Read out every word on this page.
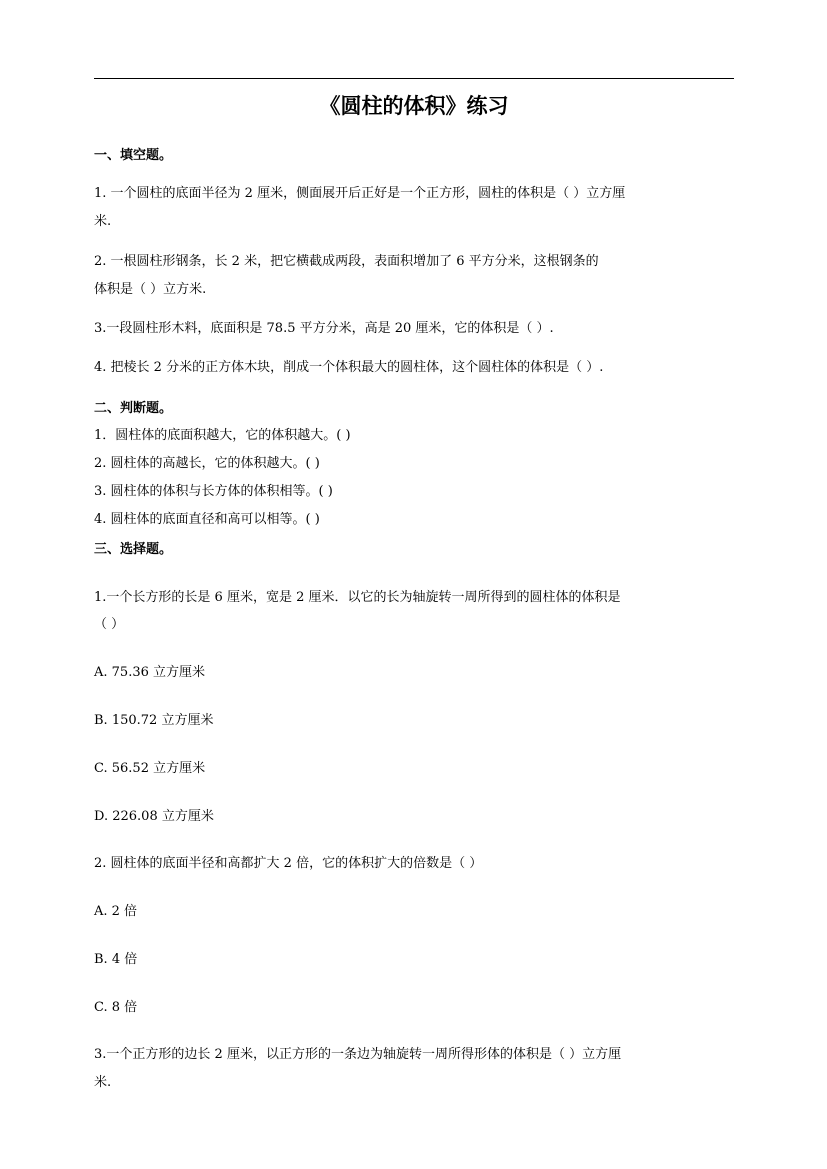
《圆柱的体积》练习
一、填空题。
1. 一个圆柱的底面半径为 2 厘米，侧面展开后正好是一个正方形，圆柱的体积是（ ）立方厘
米.
2. 一根圆柱形钢条，长 2 米，把它横截成两段，表面积增加了 6 平方分米，这根钢条的
体积是（ ）立方米.
3.一段圆柱形木料，底面积是 78.5 平方分米，高是 20 厘米，它的体积是（ ）.
4. 把棱长 2 分米的正方体木块，削成一个体积最大的圆柱体，这个圆柱体的体积是（ ）.
二、判断题。
1．圆柱体的底面积越大，它的体积越大。( )
2. 圆柱体的高越长，它的体积越大。( )
3. 圆柱体的体积与长方体的体积相等。( )
4. 圆柱体的底面直径和高可以相等。( )
三、选择题。
1.一个长方形的长是 6 厘米，宽是 2 厘米．以它的长为轴旋转一周所得到的圆柱体的体积是
（ ）
A. 75.36 立方厘米
B. 150.72 立方厘米
C. 56.52 立方厘米
D. 226.08 立方厘米
2. 圆柱体的底面半径和高都扩大 2 倍，它的体积扩大的倍数是（ ）
A. 2 倍
B. 4 倍
C. 8 倍
3.一个正方形的边长 2 厘米，以正方形的一条边为轴旋转一周所得形体的体积是（ ）立方厘
米.
